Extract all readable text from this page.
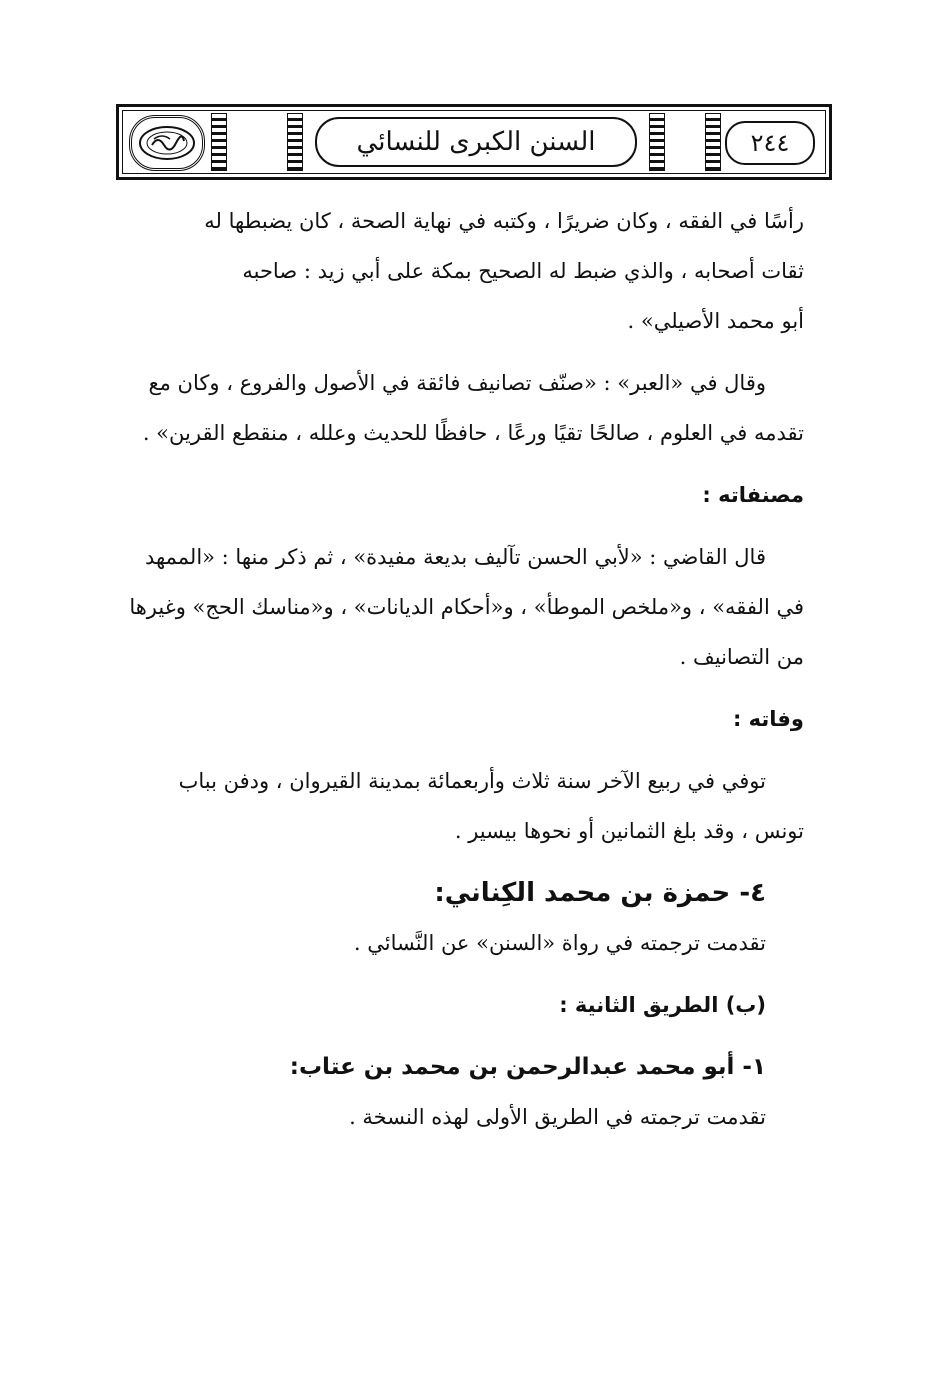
السنن الكبرى للنسائي	٢٤٤
رأسًا في الفقه ، وكان ضريرًا ، وكتبه في نهاية الصحة ، كان يضبطها له
ثقات أصحابه ، والذي ضبط له الصحيح بمكة على أبي زيد : صاحبه
أبو محمد الأصيلي» .
وقال في «العبر» : «صنّف تصانيف فائقة في الأصول والفروع ، وكان مع
تقدمه في العلوم ، صالحًا تقيًا ورعًا ، حافظًا للحديث وعلله ، منقطع القرين» .
مصنفاته :
قال القاضي : «لأبي الحسن تآليف بديعة مفيدة» ، ثم ذكر منها : «الممهد
في الفقه» ، و«ملخص الموطأ» ، و«أحكام الديانات» ، و«مناسك الحج» وغيرها
من التصانيف .
وفاته :
توفي في ربيع الآخر سنة ثلاث وأربعمائة بمدينة القيروان ، ودفن بباب
تونس ، وقد بلغ الثمانين أو نحوها بيسير .
٤- حمزة بن محمد الكِناني:
تقدمت ترجمته في رواة «السنن» عن النَّسائي .
(ب) الطريق الثانية :
١- أبو محمد عبدالرحمن بن محمد بن عتاب:
تقدمت ترجمته في الطريق الأولى لهذه النسخة .
